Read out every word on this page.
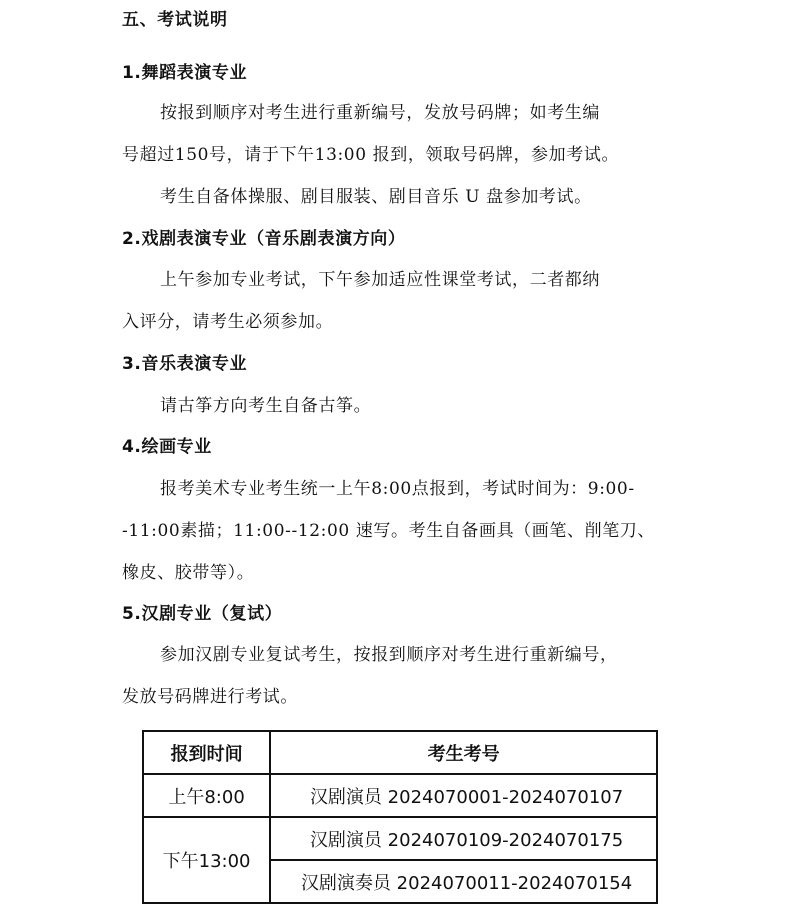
五、考试说明
1.舞蹈表演专业
按报到顺序对考生进行重新编号，发放号码牌；如考生编
号超过150号，请于下午13:00 报到，领取号码牌，参加考试。
考生自备体操服、剧目服装、剧目音乐 U 盘参加考试。
2.戏剧表演专业（音乐剧表演方向）
上午参加专业考试，下午参加适应性课堂考试，二者都纳
入评分，请考生必须参加。
3.音乐表演专业
请古筝方向考生自备古筝。
4.绘画专业
报考美术专业考生统一上午8:00点报到，考试时间为：9:00-
-11:00素描；11:00--12:00 速写。考生自备画具（画笔、削笔刀、
橡皮、胶带等）。
5.汉剧专业（复试）
参加汉剧专业复试考生，按报到顺序对考生进行重新编号，
发放号码牌进行考试。
报到时间	考生考号
上午8:00	汉剧演员 2024070001-2024070107
下午13:00	汉剧演员 2024070109-2024070175
	汉剧演奏员 2024070011-2024070154
